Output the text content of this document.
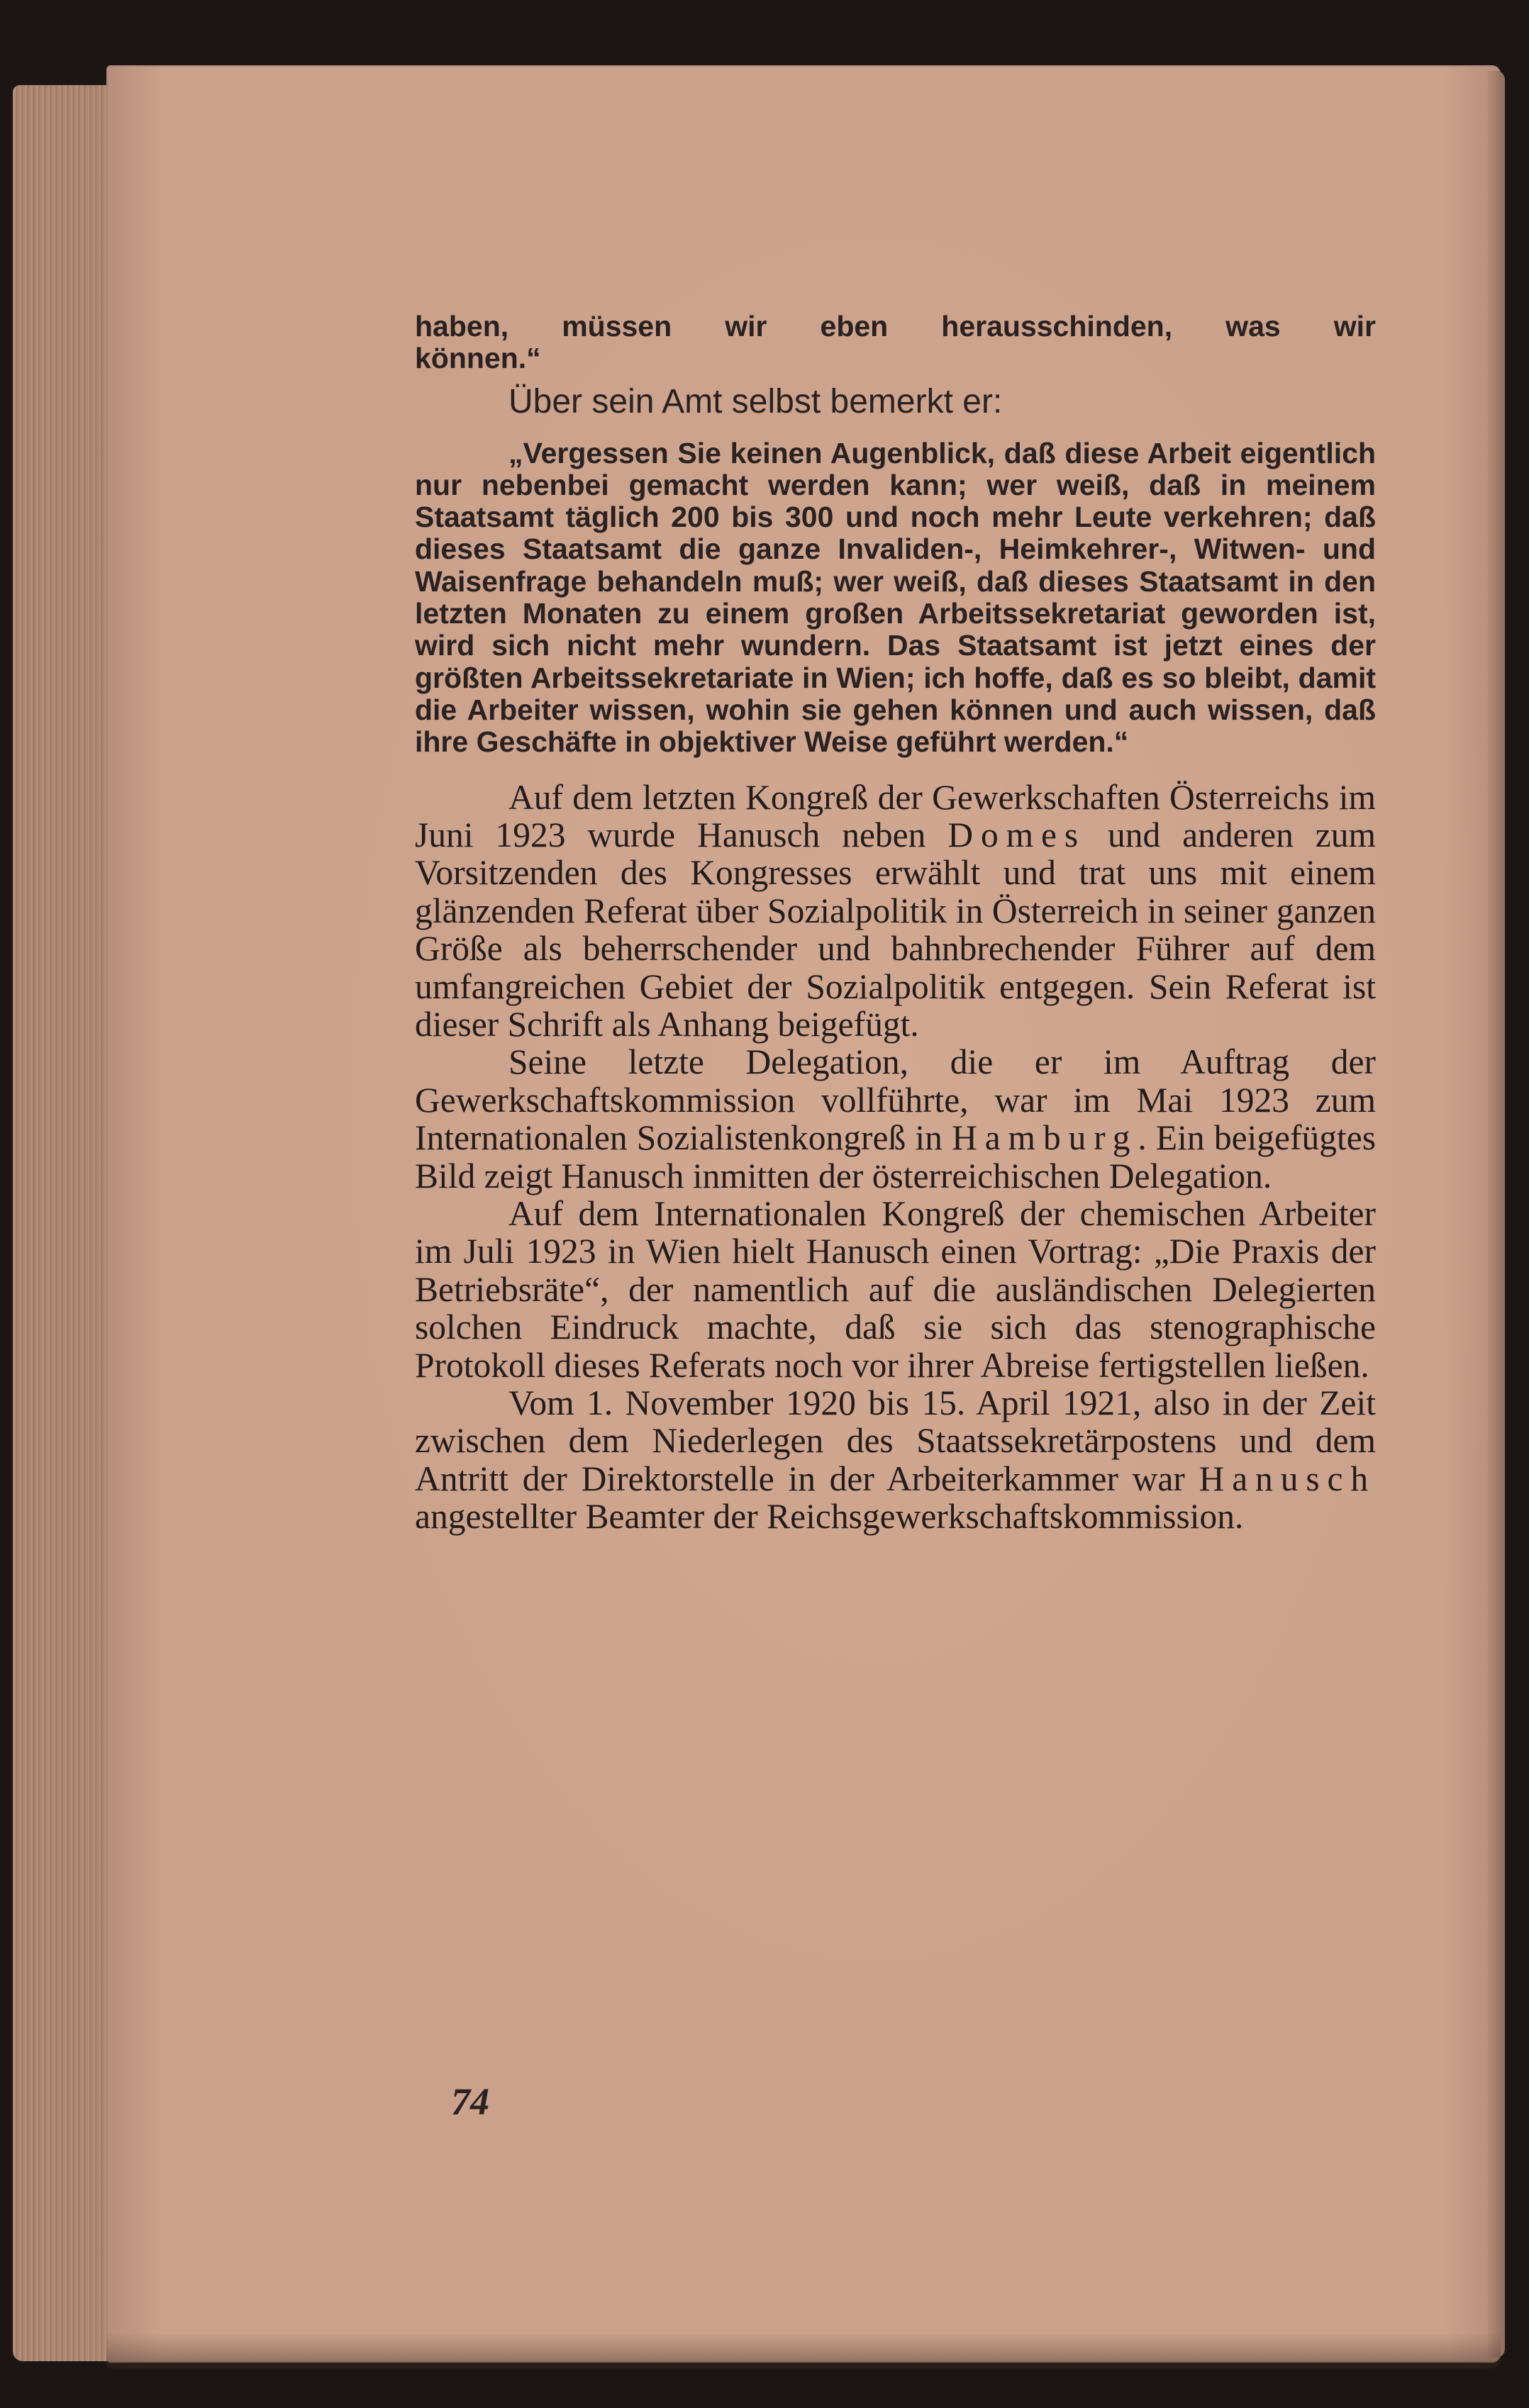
haben, müssen wir eben herausschinden, was wir

können.“

Über sein Amt selbst bemerkt er:

„Vergessen Sie keinen Augenblick, daß diese Arbeit eigentlich nur nebenbei gemacht werden kann; wer weiß, daß in meinem Staatsamt täglich 200 bis 300 und noch mehr Leute verkehren; daß dieses Staatsamt die ganze Invaliden-, Heimkehrer-, Witwen- und Waisenfrage behandeln muß; wer weiß, daß dieses Staatsamt in den letzten Monaten zu einem großen Arbeitssekretariat geworden ist, wird sich nicht mehr wundern. Das Staatsamt ist jetzt eines der größten Arbeitssekretariate in Wien; ich hoffe, daß es so bleibt, damit die Arbeiter wissen, wohin sie gehen können und auch wissen, daß ihre Geschäfte in objektiver Weise geführt werden.“

Auf dem letzten Kongreß der Gewerkschaften Österreichs im Juni 1923 wurde Hanusch neben Domes und anderen zum Vorsitzenden des Kongresses erwählt und trat uns mit einem glänzenden Referat über Sozialpolitik in Österreich in seiner ganzen Größe als beherrschender und bahnbrechender Führer auf dem umfangreichen Gebiet der Sozialpolitik entgegen. Sein Referat ist dieser Schrift als Anhang beigefügt.

Seine letzte Delegation, die er im Auftrag der Gewerkschaftskommission vollführte, war im Mai 1923 zum Internationalen Sozialistenkongreß in Hamburg. Ein beigefügtes Bild zeigt Hanusch inmitten der österreichischen Delegation.

Auf dem Internationalen Kongreß der chemischen Arbeiter im Juli 1923 in Wien hielt Hanusch einen Vortrag: „Die Praxis der Betriebsräte“, der namentlich auf die ausländischen Delegierten solchen Eindruck machte, daß sie sich das stenographische Protokoll dieses Referats noch vor ihrer Abreise fertigstellen ließen.

Vom 1. November 1920 bis 15. April 1921, also in der Zeit zwischen dem Niederlegen des Staatssekretärpostens und dem Antritt der Direktorstelle in der Arbeiterkammer war Hanusch angestellter Beamter der Reichsgewerkschaftskommission.

74
